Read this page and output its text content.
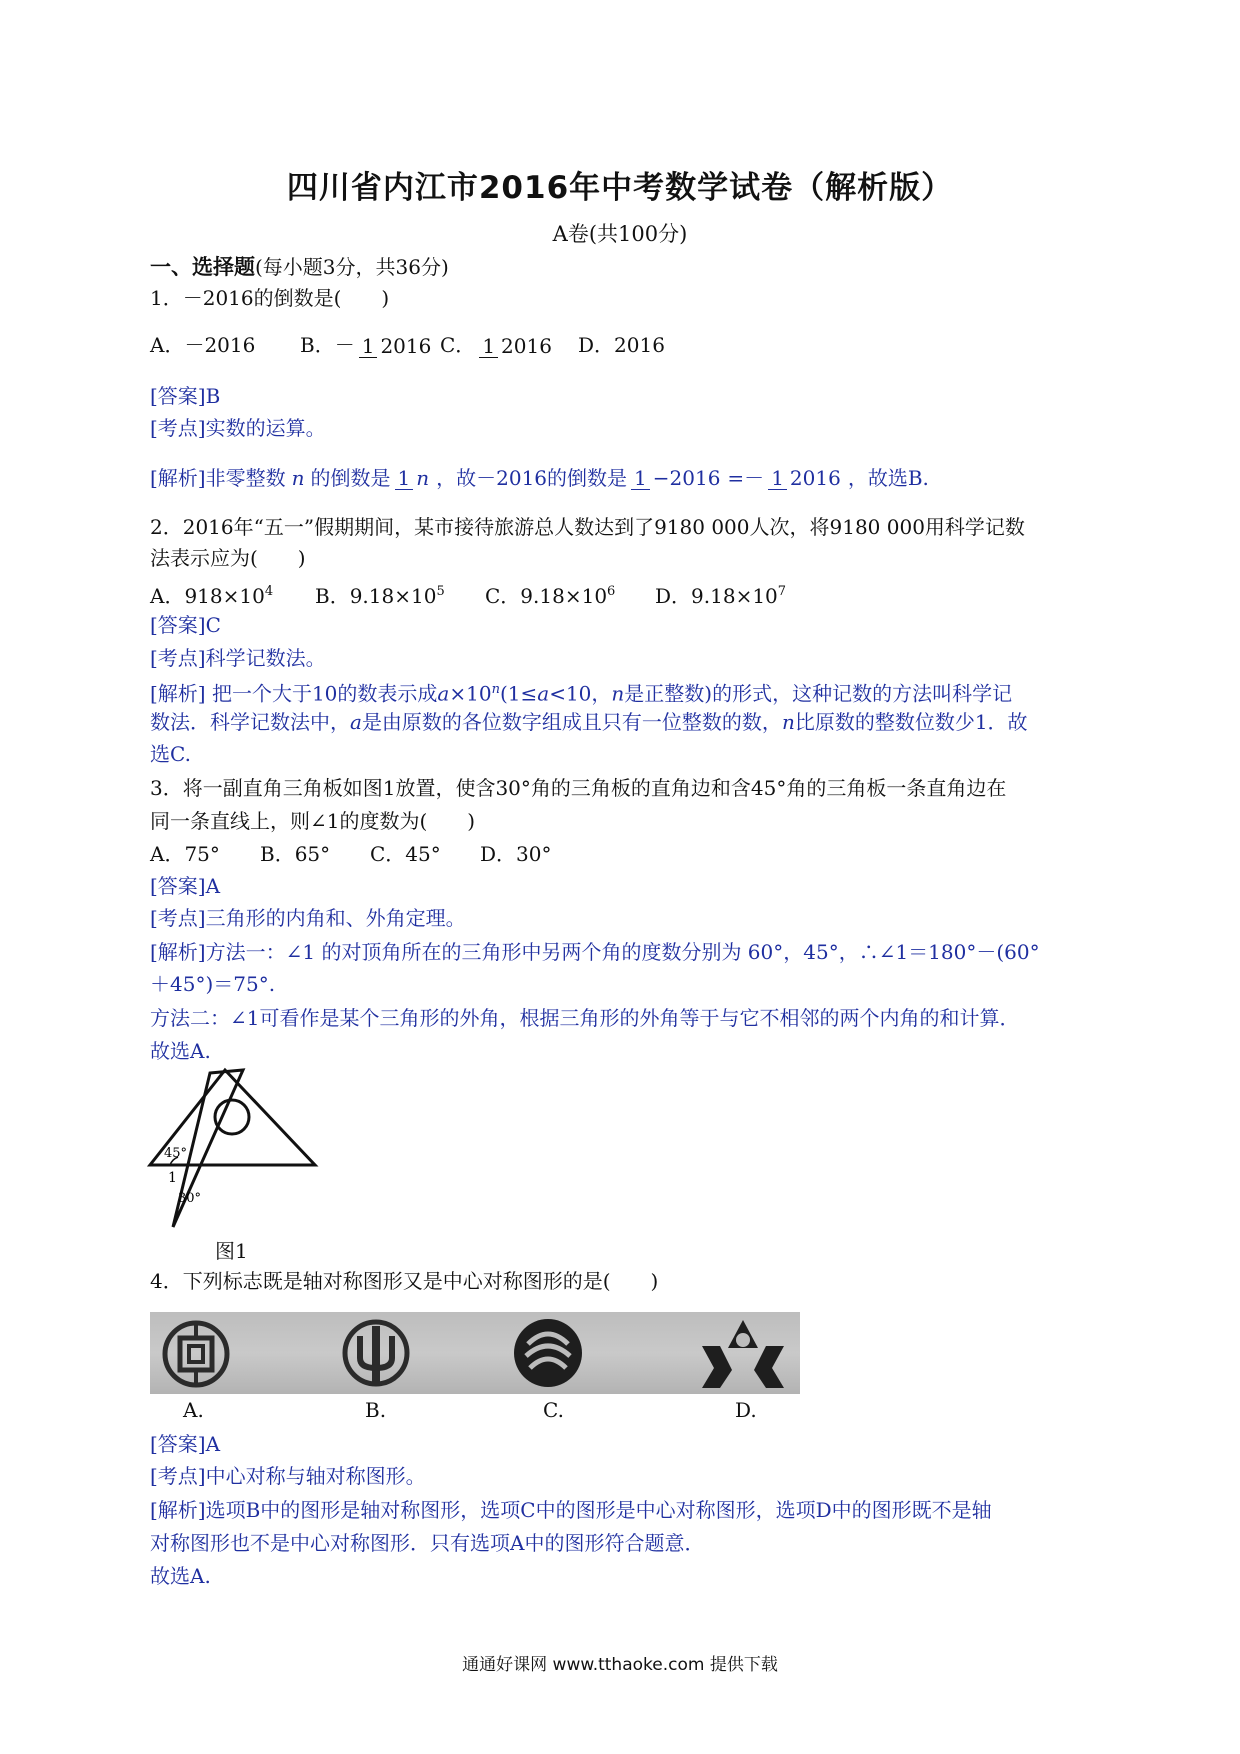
四川省内江市2016年中考数学试卷（解析版）
A卷(共100分)
一、选择题(每小题3分，共36分)
1．－2016的倒数是(　　)
A．－2016	B．－ 1 2016 C． 1 2016	D．2016
[答案]B
[考点]实数的运算。
[解析]非零整数 n 的倒数是 1 n ，故－2016的倒数是 1 −2016 =－ 1 2016 ，故选B.
2．2016年“五一”假期期间，某市接待旅游总人数达到了9180 000人次，将9180 000用科学记数
法表示应为(　　)
A．$918\times 10^4$	B．$9.18\times 10^5$	C．$9.18\times 10^6$	D．$9.18\times 10^7$
[答案]C
[考点]科学记数法。
[解析] 把一个大于10的数表示成$a\times 10^n(1\le a<10$，n是正整数)的形式，这种记数的方法叫科学记
数法．科学记数法中，a是由原数的各位数字组成且只有一位整数的数，n比原数的整数位数少1．故
选C.
3．将一副直角三角板如图1放置，使含30°角的三角板的直角边和含45°角的三角板一条直角边在
同一条直线上，则∠1的度数为(　　)
A．75°	B．65°	C．45°	D．30°
[答案]A
[考点]三角形的内角和、外角定理。
[解析]方法一：∠1 的对顶角所在的三角形中另两个角的度数分别为 60°，45°，∴∠1＝180°－(60°
＋45°)＝75°.
方法二：∠1可看作是某个三角形的外角，根据三角形的外角等于与它不相邻的两个内角的和计算．
故选A.
45°
1
30°
图1
4．下列标志既是轴对称图形又是中心对称图形的是(　　)
A.	B.	C.	D.
[答案]A
[考点]中心对称与轴对称图形。
[解析]选项B中的图形是轴对称图形，选项C中的图形是中心对称图形，选项D中的图形既不是轴
对称图形也不是中心对称图形．只有选项A中的图形符合题意．
故选A.
通通好课网 www.tthaoke.com 提供下载
